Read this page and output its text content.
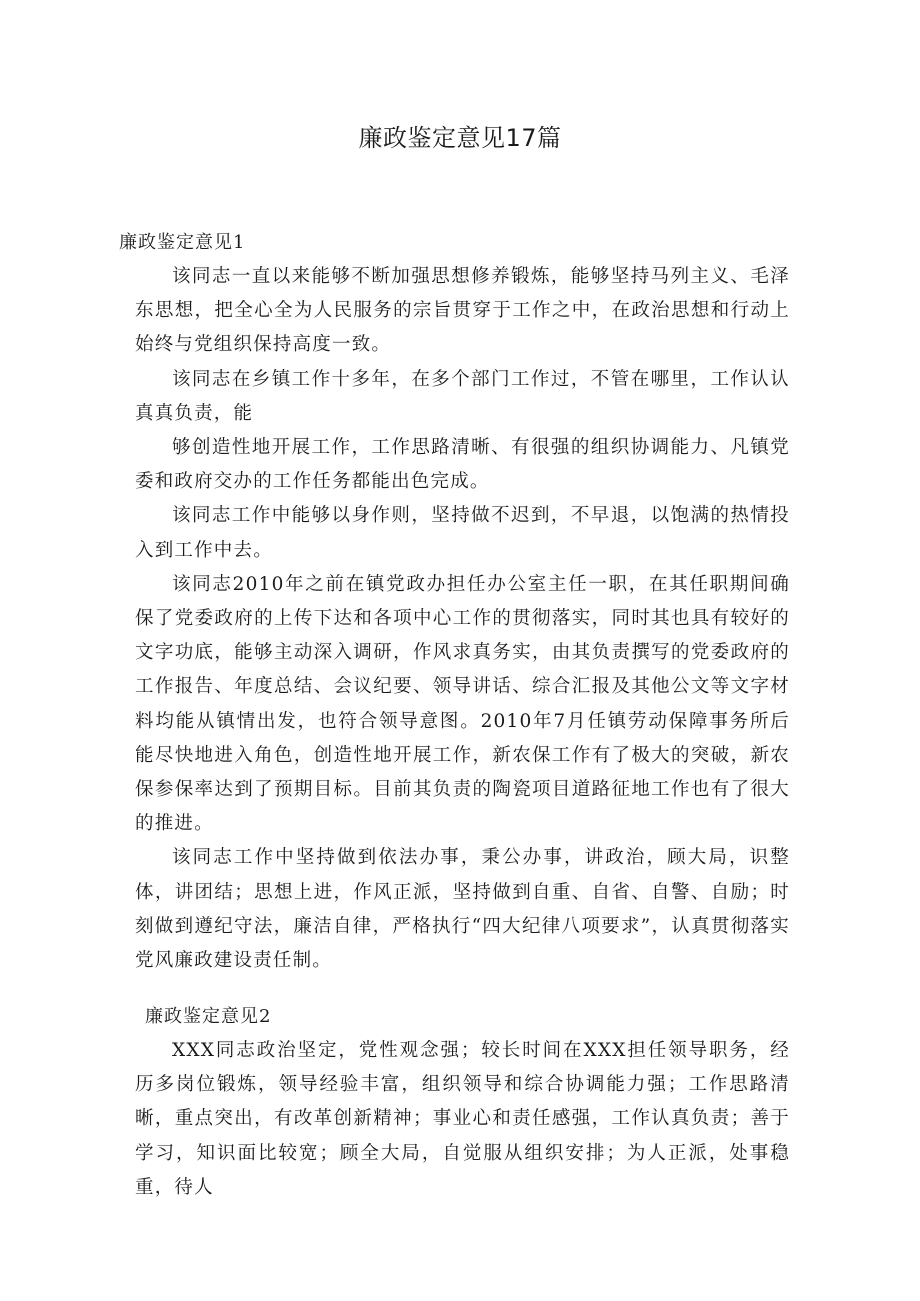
廉政鉴定意见17篇
廉政鉴定意见1

该同志一直以来能够不断加强思想修养锻炼，能够坚持马列主义、毛泽东思想，把全心全为人民服务的宗旨贯穿于工作之中，在政治思想和行动上始终与党组织保持高度一致。

该同志在乡镇工作十多年，在多个部门工作过，不管在哪里，工作认认真真负责，能

够创造性地开展工作，工作思路清晰、有很强的组织协调能力、凡镇党委和政府交办的工作任务都能出色完成。

该同志工作中能够以身作则，坚持做不迟到，不早退，以饱满的热情投入到工作中去。

该同志2010年之前在镇党政办担任办公室主任一职，在其任职期间确保了党委政府的上传下达和各项中心工作的贯彻落实，同时其也具有较好的文字功底，能够主动深入调研，作风求真务实，由其负责撰写的党委政府的工作报告、年度总结、会议纪要、领导讲话、综合汇报及其他公文等文字材料均能从镇情出发，也符合领导意图。2010年7月任镇劳动保障事务所后能尽快地进入角色，创造性地开展工作，新农保工作有了极大的突破，新农保参保率达到了预期目标。目前其负责的陶瓷项目道路征地工作也有了很大的推进。

该同志工作中坚持做到依法办事，秉公办事，讲政治，顾大局，识整体，讲团结；思想上进，作风正派，坚持做到自重、自省、自警、自励；时刻做到遵纪守法，廉洁自律，严格执行“四大纪律八项要求”，认真贯彻落实党风廉政建设责任制。

廉政鉴定意见2

XXX同志政治坚定，党性观念强；较长时间在XXX担任领导职务，经历多岗位锻炼，领导经验丰富，组织领导和综合协调能力强；工作思路清晰，重点突出，有改革创新精神；事业心和责任感强，工作认真负责；善于学习，知识面比较宽；顾全大局，自觉服从组织安排；为人正派，处事稳重，待人
